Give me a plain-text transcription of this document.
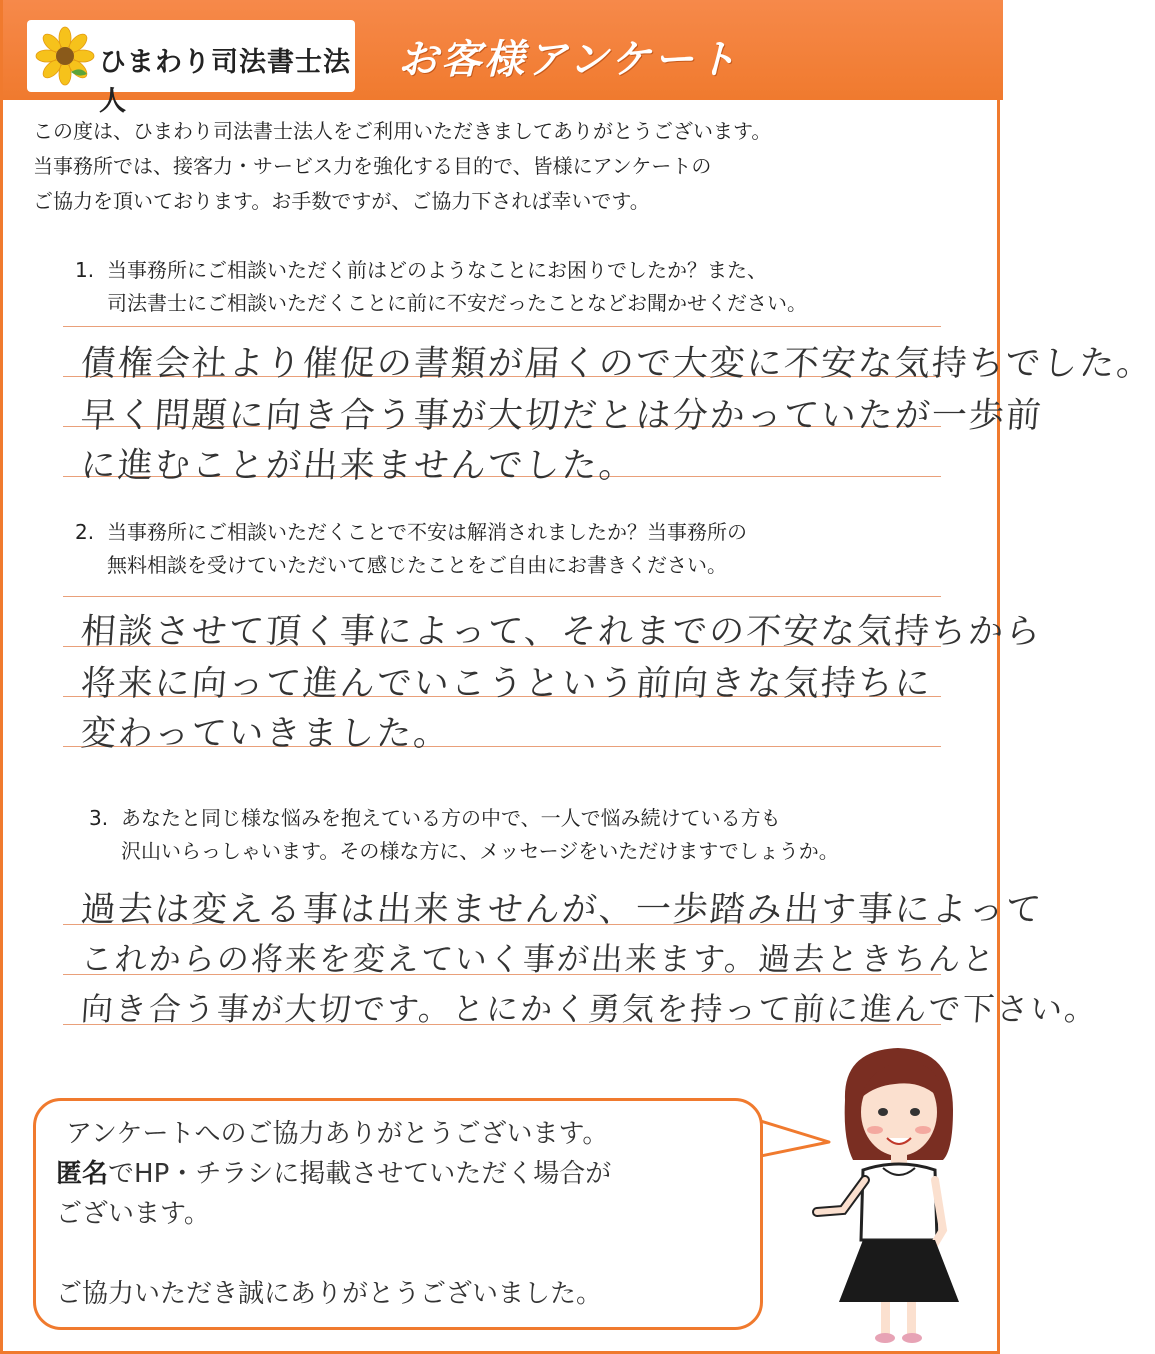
ひまわり司法書士法人
お客様アンケート
この度は、ひまわり司法書士法人をご利用いただきましてありがとうございます。
当事務所では、接客力・サービス力を強化する目的で、皆様にアンケートの
ご協力を頂いております。お手数ですが、ご協力下されば幸いです。
1. 当事務所にご相談いただく前はどのようなことにお困りでしたか？また、
司法書士にご相談いただくことに前に不安だったことなどお聞かせください。
債権会社より催促の書類が届くので大変に不安な気持ちでした。
早く問題に向き合う事が大切だとは分かっていたが一歩前
に進むことが出来ませんでした。
2. 当事務所にご相談いただくことで不安は解消されましたか？当事務所の
無料相談を受けていただいて感じたことをご自由にお書きください。
相談させて頂く事によって、それまでの不安な気持ちから
将来に向って進んでいこうという前向きな気持ちに
変わっていきました。
3. あなたと同じ様な悩みを抱えている方の中で、一人で悩み続けている方も
沢山いらっしゃいます。その様な方に、メッセージをいただけますでしょうか。
過去は変える事は出来ませんが、一歩踏み出す事によって
これからの将来を変えていく事が出来ます。過去ときちんと
向き合う事が大切です。とにかく勇気を持って前に進んで下さい。
アンケートへのご協力ありがとうございます。
匿名でHP・チラシに掲載させていただく場合が
ございます。
ご協力いただき誠にありがとうございました。
